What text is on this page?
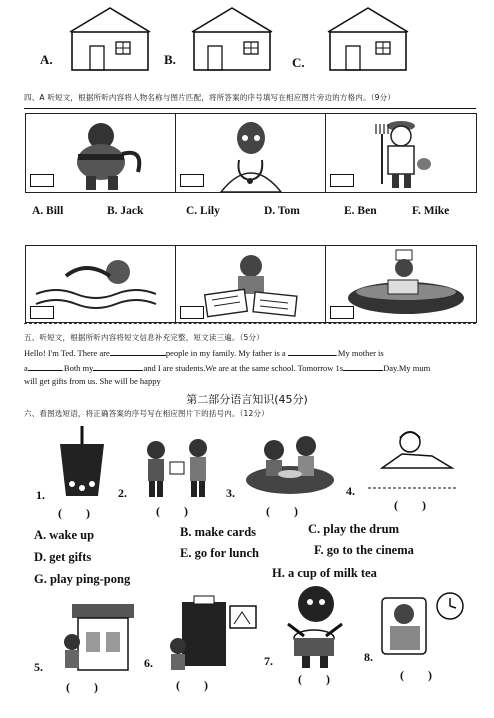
A.	B.	C.
四、A 听短文，根据所听内容将人物名称与图片匹配，将所答案的序号填写在相应图片旁边的方格内。（9分）
A. Bill	B. Jack	C. Lily	D. Tom	E. Ben	F. Mike
五、听短文，根据所听内容将短文信息补充完整，短文读三遍。（5分）
Hello! I'm Ted. There are	people in my family. My father is a	.My mother is
a	.Both my	and I are students.We are at the same school. Tomorrow 1s	Day.My mum
will get gifts from us. She will be happy
第二部分语言知识(45分)
六、看图选短语，将正确答案的序号写在相应图片下的括号内。（12分）
1.
(        )
2.
(        )
3.
(        )
4.
(        )
A. wake up	B. make cards	C. play the drum
D. get gifts	E. go for lunch	F. go to the cinema
G. play ping-pong	H. a cup of milk tea
5.
(        )
6.
(        )
7.
(        )
8.
(        )
